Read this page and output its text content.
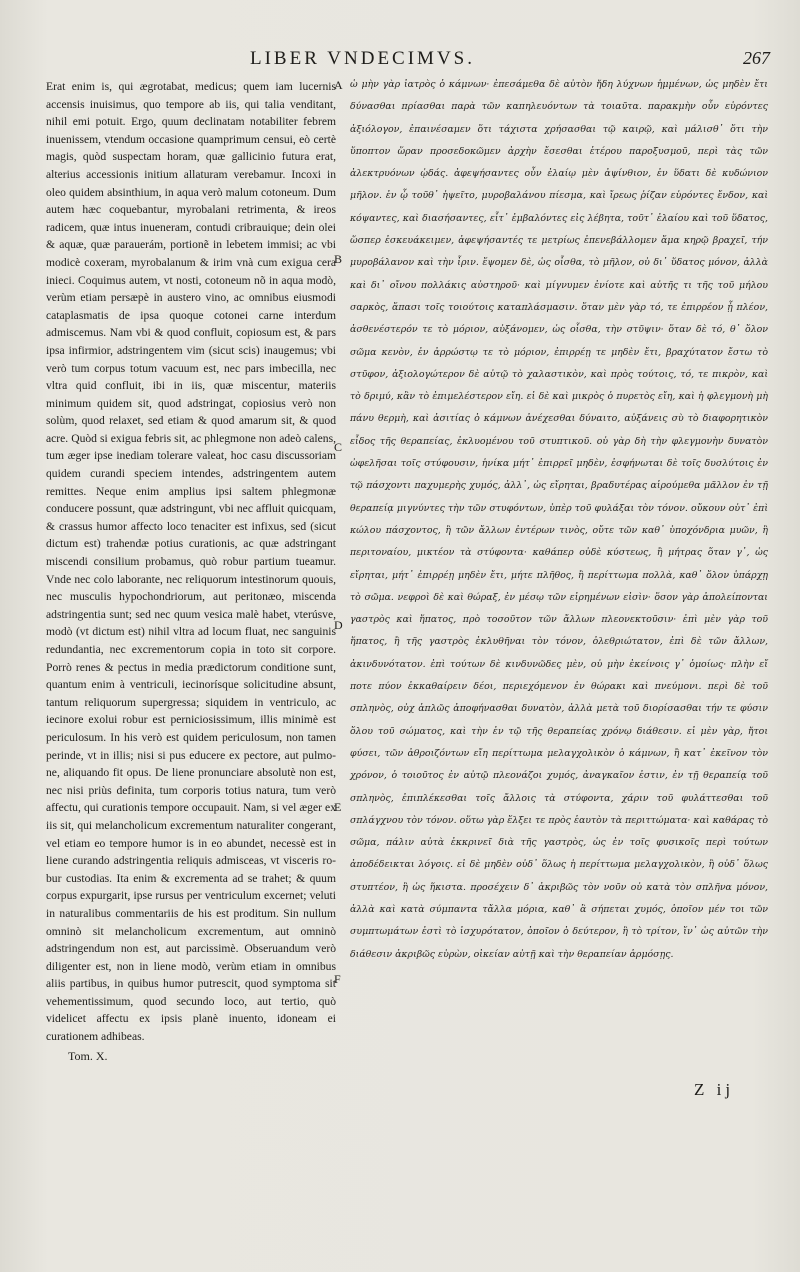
LIBER VNDECIMVS.	267

Erat enim is, qui ægrotabat, medicus; quem iam lucernis accensis inuisimus, quo tempore ab iis, qui talia venditant, nihil emi potuit. Ergo, quum declinatam notabiliter febrem inuenissem, vtendum occasione quamprimum censui, eò certè magis, quòd suspectam horam, quæ gallicinio futura erat, alterius accessionis initium allaturam verebamur. Incoxi in oleo quidem absinthium, in aqua verò malum cotoneum. Dum autem hæc coquebantur, myrobalani retrimenta, & ireos radicem, quæ intus inueneram, contudi cribrauique; dein olei & aquæ, quæ parauerám, portionẽ in lebetem immisi; ac vbi modicè coxeram, myrobalanum & irim vnà cum exigua cera inieci. Coquimus autem, vt nosti, cotoneum nõ in aqua modò, verùm etiam persæpè in austero vino, ac omnibus eiusmodi cataplasmatis de ipsa quoque cotonei carne interdum admiscemus. Nam vbi & quod confluit, copiosum est, & pars ipsa infirmior, adstringentem vim (sicut scis) inaugemus; vbi verò tum corpus totum vacuum est, nec pars imbecilla, nec vltra quid confluit, ibi in iis, quæ miscentur, materiis minimum quidem sit, quod adstringat, copiosius verò non solùm, quod relaxet, sed etiam & quod amarum sit, & quod acre. Quòd si exigua febris sit, ac phlegmone non adeò calens, tum æger ipse inediam tolerare valeat, hoc casu discussoriam quidem curandi speciem intendes, adstringentem autem remittes. Neque enim amplius ipsi saltem phlegmonæ conducere possunt, quæ adstringunt, vbi nec affluit quicquam, & crassus humor affecto loco tenaciter est infixus, sed (sicut dictum est) trahendæ potius curationis, ac quæ adstringant miscendi consilium probamus, quò robur partium tueamur. Vnde nec colo laborante, nec reliquorum intestinorum quouis, nec musculis hypochondriorum, aut peritonæo, miscenda adstringentia sunt; sed nec quum vesica malè habet, vterúsve, modò (vt dictum est) nihil vltra ad locum fluat, nec sanguinis redundantia, nec excrementorum copia in toto sit corpore. Porrò renes & pectus in media prædictorum conditione sunt, quantum enim à ventriculi, iecinorísque solicitudine absunt, tantum reliquorum supergressa; siquidem in ventriculo, ac iecinore exolui robur est perniciosissimum, illis minimè est periculosum. In his verò est quidem periculosum, non tamen perinde, vt in illis; nisi si pus educere ex pectore, aut pulmone, aliquando fit opus. De liene pronunciare absolutè non est, nec nisi priùs definita, tum corporis totius natura, tum verò affectu, qui curationis tempore occupauit. Nam, si vel æger ex iis sit, qui melancholicum excrementum naturaliter congerant, vel etiam eo tempore humor is in eo abundet, necessè est in liene curando adstringentia reliquis admisceas, vt visceris robur custodias. Ita enim & excrementa ad se trahet; & quum corpus expurgarit, ipse rursus per ventriculum excernet; veluti in naturalibus commentariis de his est proditum. Sin nullum omninò sit melancholicum excrementum, aut omninò adstringendum non est, aut parcissimè. Obseruandum verò diligenter est, non in liene modò, verùm etiam in omnibus aliis partibus, in quibus humor putrescit, quod symptoma sit vehementissimum, quod secundo loco, aut tertio, quò videlicet affectu ex ipsis planè inuento, idoneam ei curationem adhibeas.

Tom. X.
A
B
C
D
E
F

ὡ μὴν γὰρ ἰατρὸς ὁ κάμνων· ἐπεσάμεθα δὲ αὐτὸν ἤδη λύχνων ἡμμένων, ὡς μηδὲν ἔτι δύνασθαι πρίασθαι παρὰ τῶν καπηλευόντων τὰ τοιαῦτα. παρακμὴν οὖν εὑρόντες ἀξιόλογον, ἐπαινέσαμεν ὅτι τάχιστα χρήσασθαι τῷ καιρῷ, καὶ μάλισθ᾽ ὅτι τὴν ὕποπτον ὥραν προσεδοκῶμεν ἀρχὴν ἔσεσθαι ἑτέρου παροξυσμοῦ, περὶ τὰς τῶν ἀλεκτρυόνων ᾠδάς. ἀφεψήσαντες οὖν ἐλαίῳ μὲν ἀψίνθιον, ἐν ὕδατι δὲ κυδώνιον μῆλον. ἐν ᾧ τοῦθ᾽ ἡψεῖτο, μυροβαλάνου πίεσμα, καὶ ἴρεως ῥίζαν εὑρόντες ἔνδον, καὶ κόψαντες, καὶ διασήσαντες, εἶτ᾽ ἐμβαλόντες εἰς λέβητα, τοῦτ᾽ ἐλαίου καὶ τοῦ ὕδατος, ὥσπερ ἐσκευάκειμεν, ἀφεψήσαντές τε μετρίως ἐπενεβάλλομεν ἅμα κηρῷ βραχεῖ, τήν μυροβάλανον καὶ τὴν ἶριν. ἕψομεν δὲ, ὡς οἶσθα, τὸ μῆλον, οὐ δι᾽ ὕδατος μόνον, ἀλλὰ καὶ δι᾽ οἴνου πολλάκις αὐστηροῦ· καὶ μίγνυμεν ἐνίοτε καὶ αὐτῆς τι τῆς τοῦ μήλου σαρκὸς, ἅπασι τοῖς τοιούτοις καταπλάσμασιν. ὅταν μὲν γὰρ τό, τε ἐπιρρέον ᾖ πλέον, ἀσθενέστερόν τε τὸ μόριον, αὐξάνομεν, ὡς οἶσθα, τὴν στῦψιν· ὅταν δὲ τό, θ᾽ ὅλον σῶμα κενὸν, ἐν ἀρρώστῳ τε τὸ μόριον, ἐπιρρέῃ τε μηδὲν ἔτι, βραχύτατον ἔστω τὸ στῦφον, ἀξιολογώτερον δὲ αὐτῷ τὸ χαλαστικὸν, καὶ πρὸς τούτοις, τό, τε πικρὸν, καὶ τὸ δριμύ, κἂν τὸ ἐπιμελέστερον εἴη. εἰ δὲ καὶ μικρὸς ὁ πυρετὸς εἴη, καὶ ἡ φλεγμονὴ μὴ πάνυ θερμὴ, καὶ ἀσιτίας ὁ κάμνων ἀνέχεσθαι δύναιτο, αὐξάνεις σὺ τὸ διαφορητικὸν εἶδος τῆς θεραπείας, ἐκλυομένου τοῦ στυπτικοῦ. οὐ γὰρ δὴ τὴν φλεγμονὴν δυνατὸν ὠφελῆσαι τοῖς στύφουσιν, ἡνίκα μήτ᾽ ἐπιρρεῖ μηδὲν, ἐσφήνωται δὲ τοῖς δυσλύτοις ἐν τῷ πάσχοντι παχυμερὴς χυμός, ἀλλ᾽, ὡς εἴρηται, βραδυτέρας αἱρούμεθα μᾶλλον ἐν τῇ θεραπείᾳ μιγνύντες τὴν τῶν στυφόντων, ὑπὲρ τοῦ φυλάξαι τὸν τόνον. οὔκουν οὐτ᾽ ἐπὶ κώλου πάσχοντος, ἢ τῶν ἄλλων ἐντέρων τινὸς, οὔτε τῶν καθ᾽ ὑποχόνδρια μυῶν, ἢ περιτοναίου, μικτέον τὰ στύφοντα· καθάπερ οὐδὲ κύστεως, ἢ μήτρας ὅταν γ᾽, ὡς εἴρηται, μήτ᾽ ἐπιρρέῃ μηδὲν ἔτι, μήτε πλῆθος, ἢ περίττωμα πολλὰ, καθ᾽ ὅλον ὑπάρχῃ τὸ σῶμα. νεφροὶ δὲ καὶ θώραξ, ἐν μέσῳ τῶν εἰρημένων εἰσὶν· ὅσον γὰρ ἀπολείπονται γαστρὸς καὶ ἥπατος, πρὸ τοσοῦτον τῶν ἄλλων πλεονεκτοῦσιν· ἐπὶ μὲν γὰρ τοῦ ἥπατος, ἢ τῆς γαστρὸς ἐκλυθῆναι τὸν τόνον, ὀλεθριώτατον, ἐπὶ δὲ τῶν ἄλλων, ἀκινδυνότατον. ἐπὶ τούτων δὲ κινδυνῶδες μὲν, οὐ μὴν ἐκείνοις γ᾽ ὁμοίως· πλὴν εἴ ποτε πύον ἐκκαθαίρειν δέοι, περιεχόμενον ἐν θώρακι καὶ πνεύμονι. περὶ δὲ τοῦ σπληνὸς, οὐχ ἁπλῶς ἀποφήνασθαι δυνατὸν, ἀλλὰ μετὰ τοῦ διορίσασθαι τήν τε φύσιν ὅλου τοῦ σώματος, καὶ τὴν ἐν τῷ τῆς θεραπείας χρόνῳ διάθεσιν. εἰ μὲν γὰρ, ἤτοι φύσει, τῶν ἀθροιζόντων εἴη περίττωμα μελαγχολικὸν ὁ κάμνων, ἢ κατ᾽ ἐκεῖνον τὸν χρόνον, ὁ τοιοῦτος ἐν αὐτῷ πλεονάζοι χυμός, ἀναγκαῖον ἐστιν, ἐν τῇ θεραπείᾳ τοῦ σπληνὸς, ἐπιπλέκεσθαι τοῖς ἄλλοις τὰ στύφοντα, χάριν τοῦ φυλάττεσθαι τοῦ σπλάγχνου τὸν τόνον. οὕτω γὰρ ἕλξει τε πρὸς ἑαυτὸν τὰ περιττώματα· καὶ καθάρας τὸ σῶμα, πάλιν αὐτὰ ἐκκρινεῖ διὰ τῆς γαστρὸς, ὡς ἐν τοῖς φυσικοῖς περὶ τούτων ἀποδέδεικται λόγοις. εἰ δὲ μηδὲν οὐδ᾽ ὅλως ἡ περίττωμα μελαγχολικὸν, ἢ οὐδ᾽ ὅλως στυπτέον, ἢ ὡς ἥκιστα. προσέχειν δ᾽ ἀκριβῶς τὸν νοῦν οὐ κατὰ τὸν σπλῆνα μόνον, ἀλλὰ καὶ κατὰ σύμπαντα τἄλλα μόρια, καθ᾽ ἃ σήπεται χυμός, ὁποῖον μέν τοι τῶν συμπτωμάτων ἐστὶ τὸ ἰσχυρότατον, ὁποῖον ὁ δεύτερον, ἢ τὸ τρίτον, ἵν᾽ ὡς αὐτῶν τὴν διάθεσιν ἀκριβῶς εὑρὼν, οἰκείαν αὐτῇ καὶ τὴν θεραπείαν ἁρμόσῃς.

Z ij
